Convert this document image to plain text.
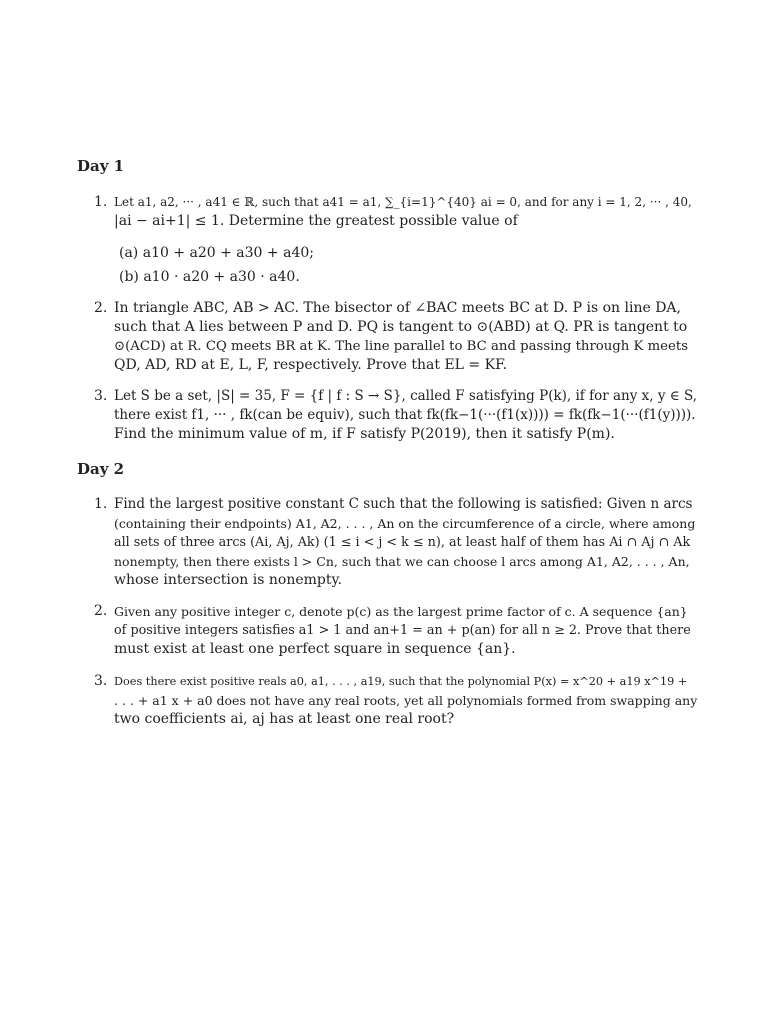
Day 1
1. Let a1, a2, ··· , a41 ∈ ℝ, such that a41 = a1, ∑_{i=1}^{40} ai = 0, and for any i = 1, 2, ··· , 40,
|ai − ai+1| ≤ 1. Determine the greatest possible value of
(a) a10 + a20 + a30 + a40;
(b) a10 · a20 + a30 · a40.
2. In triangle ABC, AB > AC. The bisector of ∠BAC meets BC at D. P is on line DA,
such that A lies between P and D. PQ is tangent to ⊙(ABD) at Q. PR is tangent to
⊙(ACD) at R. CQ meets BR at K. The line parallel to BC and passing through K meets
QD, AD, RD at E, L, F, respectively. Prove that EL = KF.
3. Let S be a set, |S| = 35, F = {f | f : S → S}, called F satisfying P(k), if for any x, y ∈ S,
there exist f1, ··· , fk(can be equiv), such that fk(fk−1(···(f1(x)))) = fk(fk−1(···(f1(y)))).
Find the minimum value of m, if F satisfy P(2019), then it satisfy P(m).
Day 2
1. Find the largest positive constant C such that the following is satisfied: Given n arcs
(containing their endpoints) A1, A2, . . . , An on the circumference of a circle, where among
all sets of three arcs (Ai, Aj, Ak) (1 ≤ i < j < k ≤ n), at least half of them has Ai ∩ Aj ∩ Ak
nonempty, then there exists l > Cn, such that we can choose l arcs among A1, A2, . . . , An,
whose intersection is nonempty.
2. Given any positive integer c, denote p(c) as the largest prime factor of c. A sequence {an}
of positive integers satisfies a1 > 1 and an+1 = an + p(an) for all n ≥ 2. Prove that there
must exist at least one perfect square in sequence {an}.
3. Does there exist positive reals a0, a1, . . . , a19, such that the polynomial P(x) = x^20 + a19 x^19 +
. . . + a1 x + a0 does not have any real roots, yet all polynomials formed from swapping any
two coefficients ai, aj has at least one real root?
